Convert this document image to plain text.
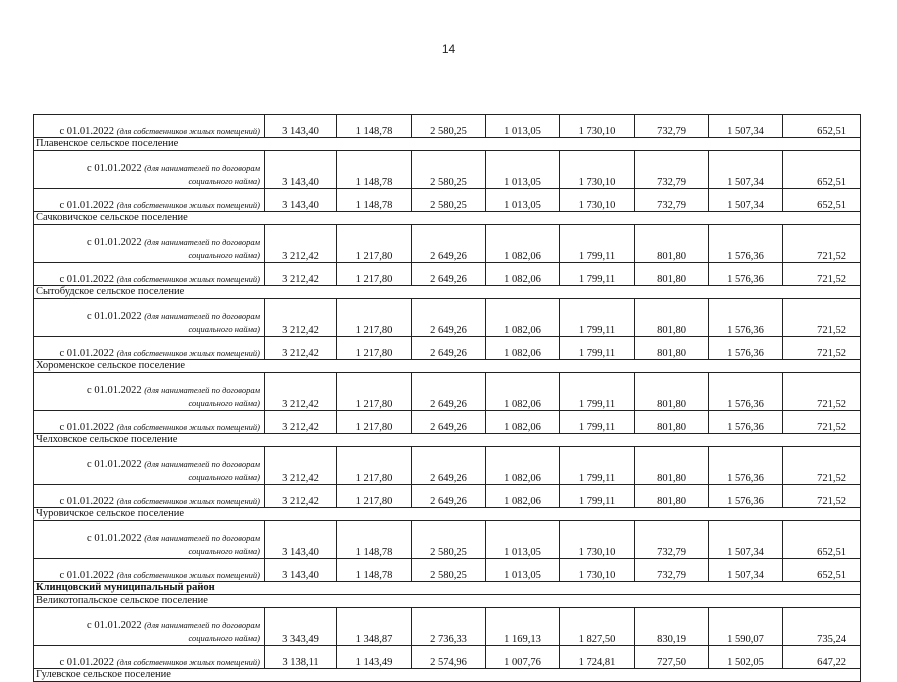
14
с 01.01.2022 (для собственников жилых помещений)	3 143,40	1 148,78	2 580,25	1 013,05	1 730,10	732,79	1 507,34	652,51
Плавенское сельское поселение								

с 01.01.2022 (для нанимателей по договорам
социального найма)	3 143,40	1 148,78	2 580,25	1 013,05	1 730,10	732,79	1 507,34	652,51
с 01.01.2022 (для собственников жилых помещений)	3 143,40	1 148,78	2 580,25	1 013,05	1 730,10	732,79	1 507,34	652,51
Сачковичское сельское поселение								

с 01.01.2022 (для нанимателей по договорам
социального найма)	3 212,42	1 217,80	2 649,26	1 082,06	1 799,11	801,80	1 576,36	721,52
с 01.01.2022 (для собственников жилых помещений)	3 212,42	1 217,80	2 649,26	1 082,06	1 799,11	801,80	1 576,36	721,52
Сытобудское сельское поселение								

с 01.01.2022 (для нанимателей по договорам
социального найма)	3 212,42	1 217,80	2 649,26	1 082,06	1 799,11	801,80	1 576,36	721,52
с 01.01.2022 (для собственников жилых помещений)	3 212,42	1 217,80	2 649,26	1 082,06	1 799,11	801,80	1 576,36	721,52
Хороменское сельское поселение								

с 01.01.2022 (для нанимателей по договорам
социального найма)	3 212,42	1 217,80	2 649,26	1 082,06	1 799,11	801,80	1 576,36	721,52
с 01.01.2022 (для собственников жилых помещений)	3 212,42	1 217,80	2 649,26	1 082,06	1 799,11	801,80	1 576,36	721,52
Челховское сельское поселение								

с 01.01.2022 (для нанимателей по договорам
социального найма)	3 212,42	1 217,80	2 649,26	1 082,06	1 799,11	801,80	1 576,36	721,52
с 01.01.2022 (для собственников жилых помещений)	3 212,42	1 217,80	2 649,26	1 082,06	1 799,11	801,80	1 576,36	721,52
Чуровичское сельское поселение								

с 01.01.2022 (для нанимателей по договорам
социального найма)	3 143,40	1 148,78	2 580,25	1 013,05	1 730,10	732,79	1 507,34	652,51
с 01.01.2022 (для собственников жилых помещений)	3 143,40	1 148,78	2 580,25	1 013,05	1 730,10	732,79	1 507,34	652,51
Клинцовский муниципальный район								
Великотопальское сельское поселение								

с 01.01.2022 (для нанимателей по договорам
социального найма)	3 343,49	1 348,87	2 736,33	1 169,13	1 827,50	830,19	1 590,07	735,24
с 01.01.2022 (для собственников жилых помещений)	3 138,11	1 143,49	2 574,96	1 007,76	1 724,81	727,50	1 502,05	647,22
Гулевское сельское поселение								
